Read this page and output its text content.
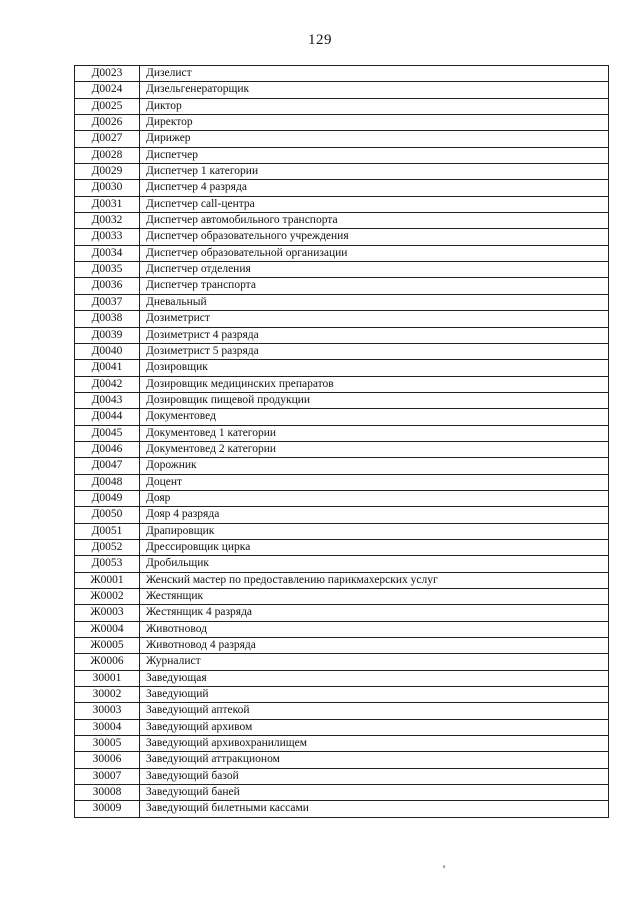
129
Д0023	Дизелист
Д0024	Дизельгенераторщик
Д0025	Диктор
Д0026	Директор
Д0027	Дирижер
Д0028	Диспетчер
Д0029	Диспетчер 1 категории
Д0030	Диспетчер 4 разряда
Д0031	Диспетчер call-центра
Д0032	Диспетчер автомобильного транспорта
Д0033	Диспетчер образовательного учреждения
Д0034	Диспетчер образовательной организации
Д0035	Диспетчер отделения
Д0036	Диспетчер транспорта
Д0037	Дневальный
Д0038	Дозиметрист
Д0039	Дозиметрист 4 разряда
Д0040	Дозиметрист 5 разряда
Д0041	Дозировщик
Д0042	Дозировщик медицинских препаратов
Д0043	Дозировщик пищевой продукции
Д0044	Документовед
Д0045	Документовед 1 категории
Д0046	Документовед 2 категории
Д0047	Дорожник
Д0048	Доцент
Д0049	Дояр
Д0050	Дояр 4 разряда
Д0051	Драпировщик
Д0052	Дрессировщик цирка
Д0053	Дробильщик
Ж0001	Женский мастер по предоставлению парикмахерских услуг
Ж0002	Жестянщик
Ж0003	Жестянщик 4 разряда
Ж0004	Животновод
Ж0005	Животновод 4 разряда
Ж0006	Журналист
З0001	Заведующая
З0002	Заведующий
З0003	Заведующий аптекой
З0004	Заведующий архивом
З0005	Заведующий архивохранилищем
З0006	Заведующий аттракционом
З0007	Заведующий базой
З0008	Заведующий баней
З0009	Заведующий билетными кассами
'
